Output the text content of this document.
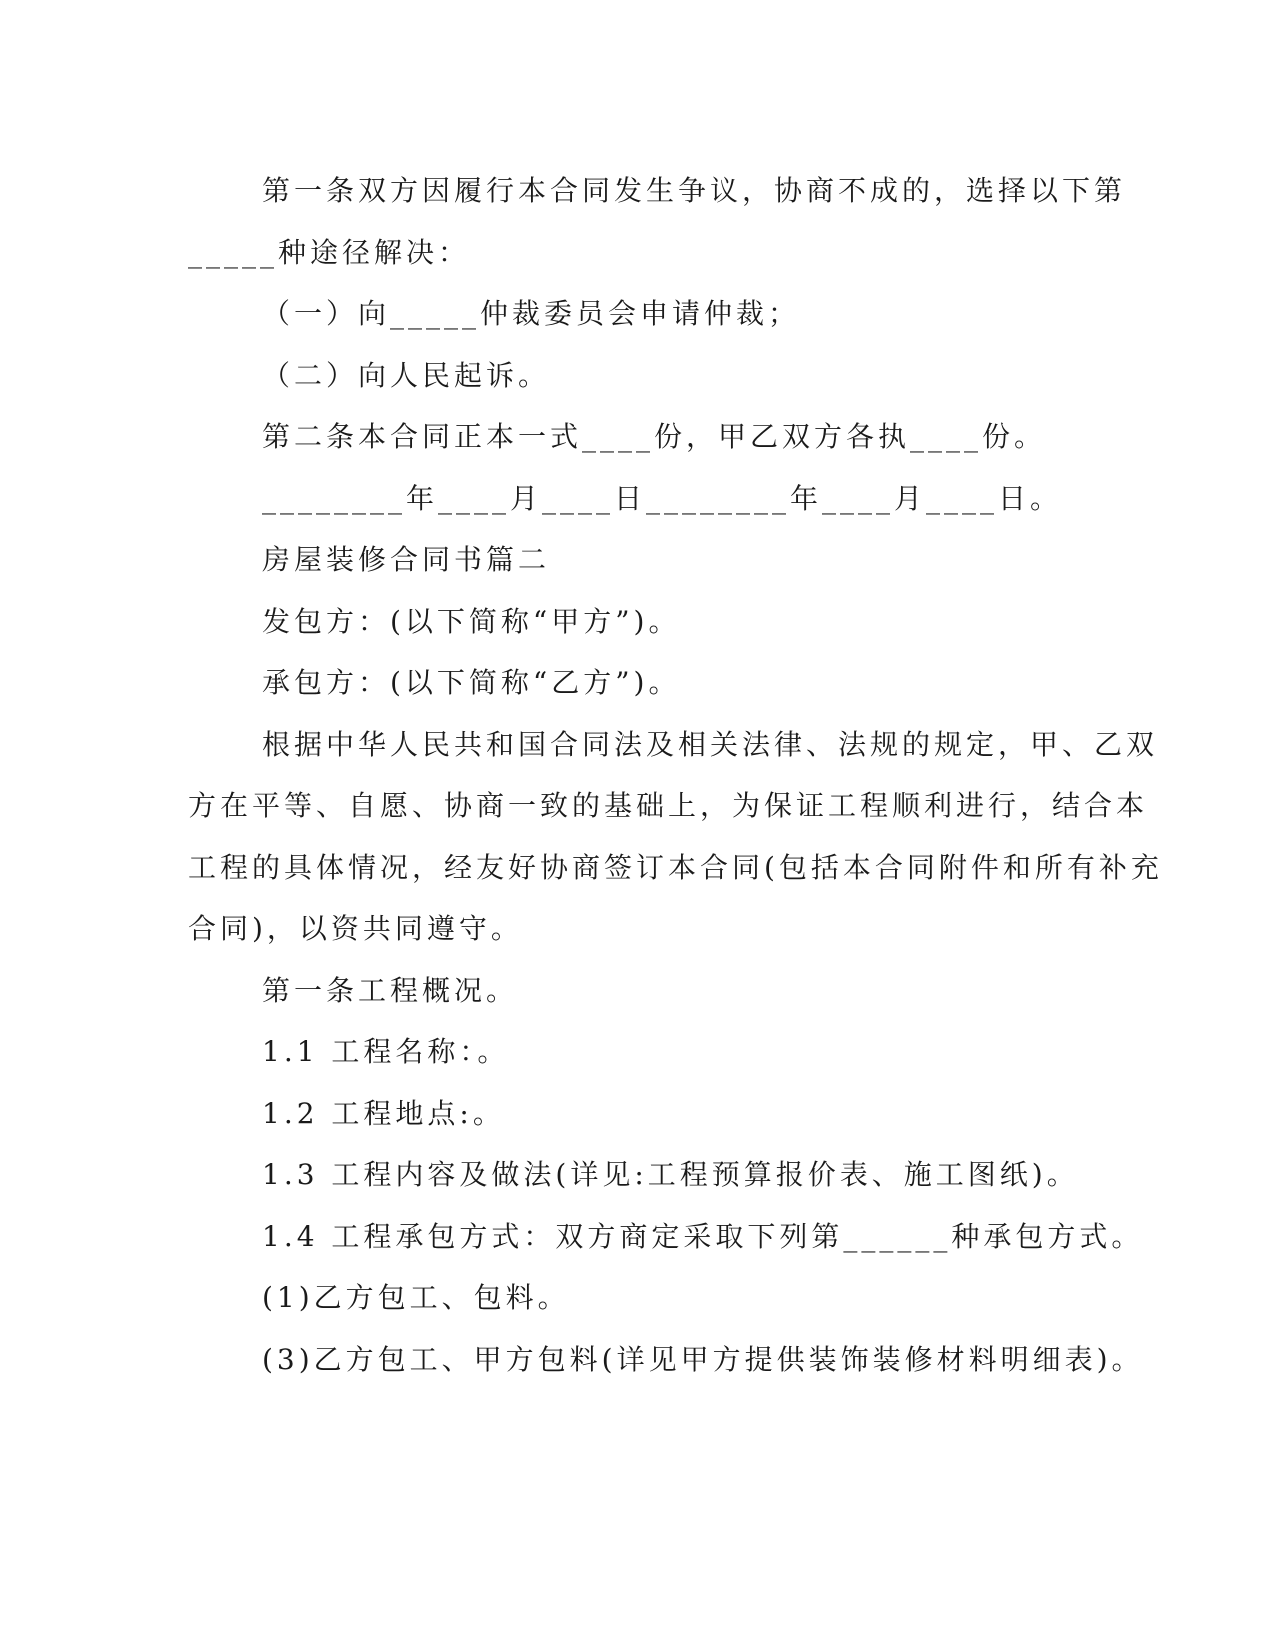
第一条双方因履行本合同发生争议，协商不成的，选择以下第
_____种途径解决：
（一）向_____仲裁委员会申请仲裁；
（二）向人民起诉。
第二条本合同正本一式____份，甲乙双方各执____份。
________年____月____日________年____月____日。
房屋装修合同书篇二
发包方：(以下简称“甲方”)。
承包方：(以下简称“乙方”)。
根据中华人民共和国合同法及相关法律、法规的规定，甲、乙双
方在平等、自愿、协商一致的基础上，为保证工程顺利进行，结合本
工程的具体情况，经友好协商签订本合同(包括本合同附件和所有补充
合同)，以资共同遵守。
第一条工程概况。
1.1 工程名称：。
1.2 工程地点:。
1.3 工程内容及做法(详见:工程预算报价表、施工图纸)。
1.4 工程承包方式：双方商定采取下列第______种承包方式。
(1)乙方包工、包料。
(3)乙方包工、甲方包料(详见甲方提供装饰装修材料明细表)。
